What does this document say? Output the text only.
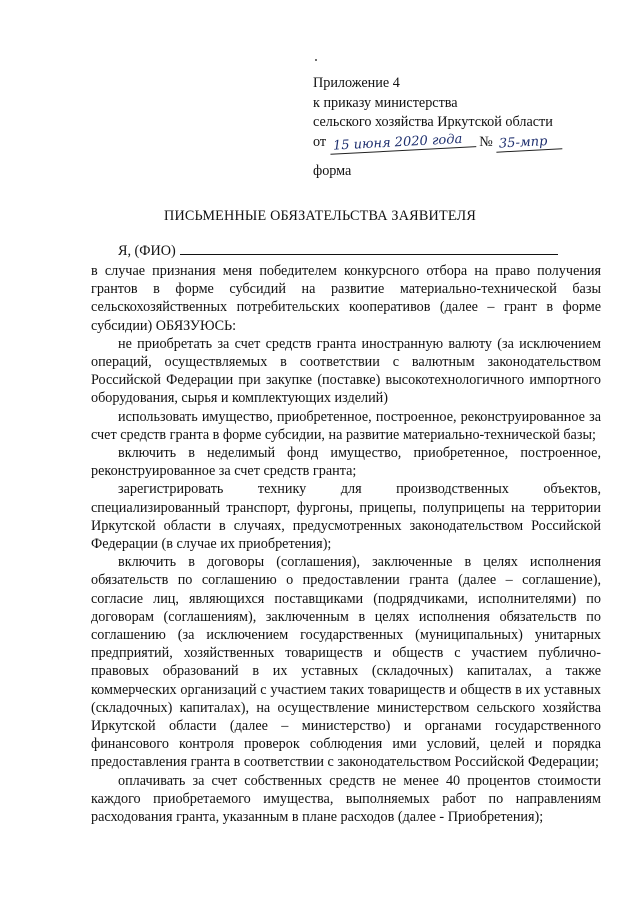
Приложение 4
к приказу министерства
сельского хозяйства Иркутской области
от 15 июня 2020 года № 35-мпр
форма
ПИСЬМЕННЫЕ ОБЯЗАТЕЛЬСТВА ЗАЯВИТЕЛЯ
Я, (ФИО)

в случае признания меня победителем конкурсного отбора на право получения грантов в форме субсидий на развитие материально-технической базы сельскохозяйственных потребительских кооперативов (далее – грант в форме субсидии) ОБЯЗУЮСЬ:

не приобретать за счет средств гранта иностранную валюту (за исключением операций, осуществляемых в соответствии с валютным законодательством Российской Федерации при закупке (поставке) высокотехнологичного импортного оборудования, сырья и комплектующих изделий)

использовать имущество, приобретенное, построенное, реконструированное за счет средств гранта в форме субсидии, на развитие материально-технической базы;

включить в неделимый фонд имущество, приобретенное, построенное, реконструированное за счет средств гранта;

зарегистрировать технику для производственных объектов, специализированный транспорт, фургоны, прицепы, полуприцепы на территории Иркутской области в случаях, предусмотренных законодательством Российской Федерации (в случае их приобретения);

включить в договоры (соглашения), заключенные в целях исполнения обязательств по соглашению о предоставлении гранта (далее – соглашение), согласие лиц, являющихся поставщиками (подрядчиками, исполнителями) по договорам (соглашениям), заключенным в целях исполнения обязательств по соглашению (за исключением государственных (муниципальных) унитарных предприятий, хозяйственных товариществ и обществ с участием публично-правовых образований в их уставных (складочных) капиталах, а также коммерческих организаций с участием таких товариществ и обществ в их уставных (складочных) капиталах), на осуществление министерством сельского хозяйства Иркутской области (далее – министерство) и органами государственного финансового контроля проверок соблюдения ими условий, целей и порядка предоставления гранта в соответствии с законодательством Российской Федерации;

оплачивать за счет собственных средств не менее 40 процентов стоимости каждого приобретаемого имущества, выполняемых работ по направлениям расходования гранта, указанным в плане расходов (далее - Приобретения);
